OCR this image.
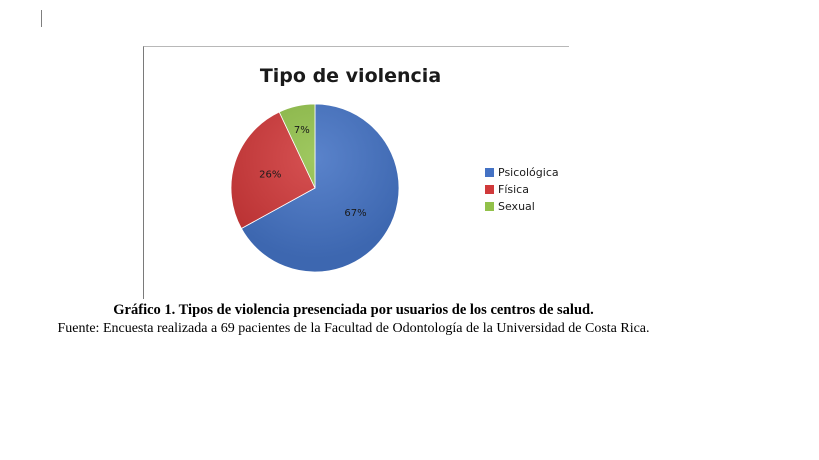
Tipo de violencia
67%
26%
7%
Psicológica
Física
Sexual
Gráfico 1. Tipos de violencia presenciada por usuarios de los centros de salud.
Fuente: Encuesta realizada a 69 pacientes de la Facultad de Odontología de la Universidad de Costa Rica.
